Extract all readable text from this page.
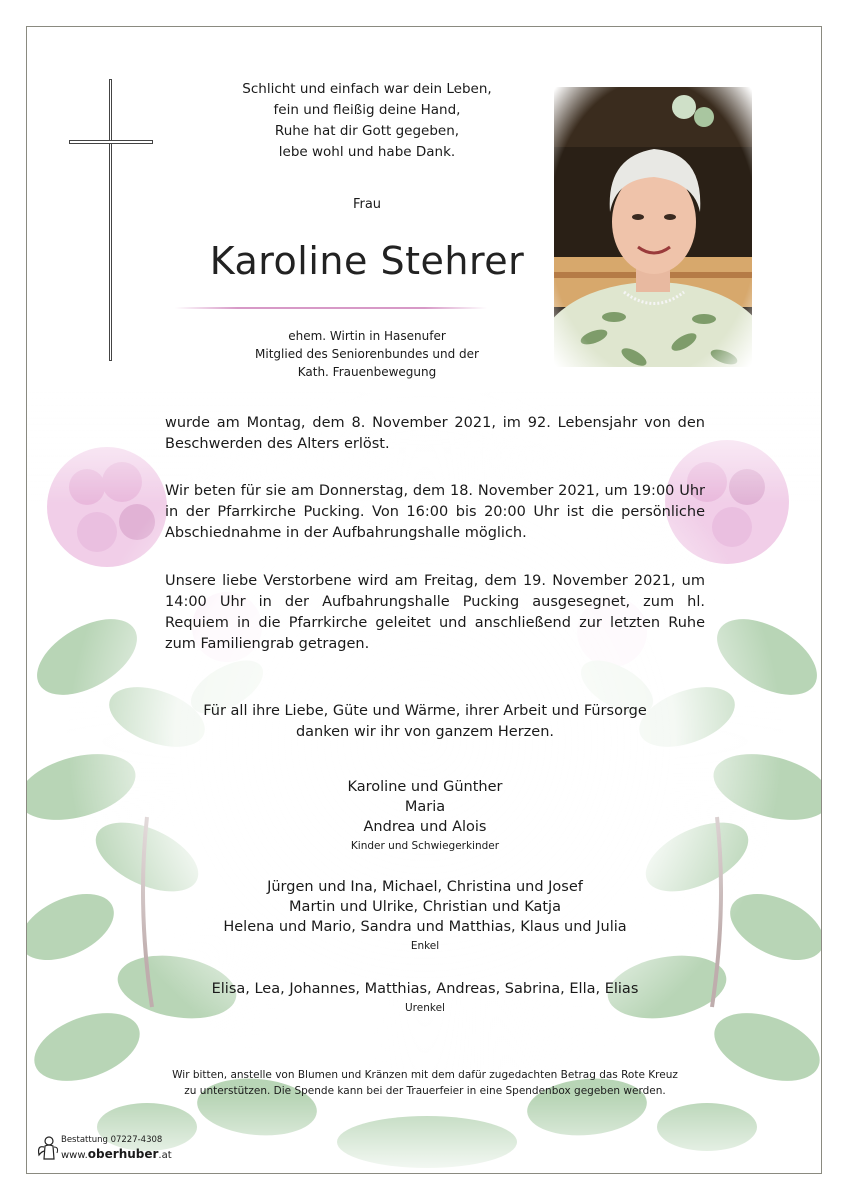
Schlicht und einfach war dein Leben,
fein und fleißig deine Hand,
Ruhe hat dir Gott gegeben,
lebe wohl und habe Dank.
Frau
Karoline Stehrer
ehem. Wirtin in Hasenufer
Mitglied des Seniorenbundes und der
Kath. Frauenbewegung
wurde am Montag, dem 8. November 2021, im 92. Lebensjahr von den Beschwerden des Alters erlöst.
Wir beten für sie am Donnerstag, dem 18. November 2021, um 19:00 Uhr in der Pfarrkirche Pucking. Von 16:00 bis 20:00 Uhr ist die persönliche Abschiednahme in der Aufbahrungshalle möglich.
Unsere liebe Verstorbene wird am Freitag, dem 19. November 2021, um 14:00 Uhr in der Aufbahrungshalle Pucking ausgesegnet, zum hl. Requiem in die Pfarrkirche geleitet und anschließend zur letzten Ruhe zum Familiengrab getragen.
Für all ihre Liebe, Güte und Wärme, ihrer Arbeit und Fürsorge
danken wir ihr von ganzem Herzen.
Karoline und Günther
Maria
Andrea und Alois
Kinder und Schwiegerkinder
Jürgen und Ina, Michael, Christina und Josef
Martin und Ulrike, Christian und Katja
Helena und Mario, Sandra und Matthias, Klaus und Julia
Enkel
Elisa, Lea, Johannes, Matthias, Andreas, Sabrina, Ella, Elias
Urenkel
Wir bitten, anstelle von Blumen und Kränzen mit dem dafür zugedachten Betrag das Rote Kreuz
zu unterstützen. Die Spende kann bei der Trauerfeier in eine Spendenbox gegeben werden.
Bestattung 07227-4308
www.oberhuber.at
